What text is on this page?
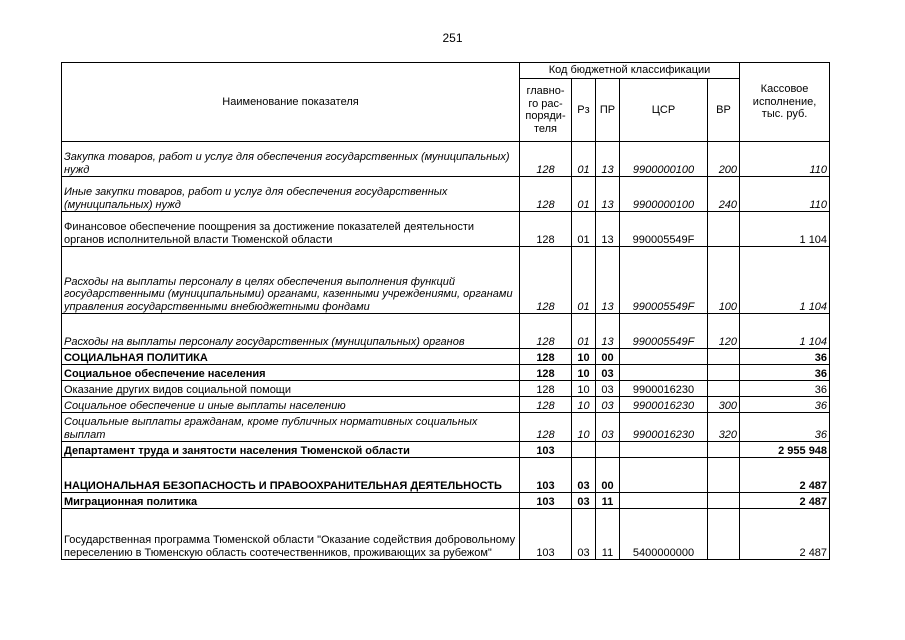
251
Наименование показателя	Код бюджетной классификации					Кассовое исполнение, тыс. руб.
	главно-го рас-поряди-теля	Рз	ПР	ЦСР	ВР	
Закупка товаров, работ и услуг для обеспечения государственных (муниципальных) нужд	128	01	13	9900000100	200	110
Иные закупки товаров, работ и услуг для обеспечения государственных (муниципальных) нужд	128	01	13	9900000100	240	110
Финансовое обеспечение поощрения за достижение показателей деятельности органов исполнительной власти Тюменской области	128	01	13	990005549F		1 104
Расходы на выплаты персоналу в целях обеспечения выполнения функций государственными (муниципальными) органами, казенными учреждениями, органами управления государственными внебюджетными фондами	128	01	13	990005549F	100	1 104
Расходы на выплаты персоналу государственных (муниципальных) органов	128	01	13	990005549F	120	1 104
СОЦИАЛЬНАЯ ПОЛИТИКА	128	10	00			36
Социальное обеспечение населения	128	10	03			36
Оказание других видов социальной помощи	128	10	03	9900016230		36
Социальное обеспечение и иные выплаты населению	128	10	03	9900016230	300	36
Социальные выплаты гражданам, кроме публичных нормативных социальных выплат	128	10	03	9900016230	320	36
Департамент труда и занятости населения Тюменской области	103					2 955 948
НАЦИОНАЛЬНАЯ БЕЗОПАСНОСТЬ И ПРАВООХРАНИТЕЛЬНАЯ ДЕЯТЕЛЬНОСТЬ	103	03	00			2 487
Миграционная политика	103	03	11			2 487
Государственная программа Тюменской области "Оказание содействия добровольному переселению в Тюменскую область соотечественников, проживающих за рубежом"	103	03	11	5400000000		2 487
